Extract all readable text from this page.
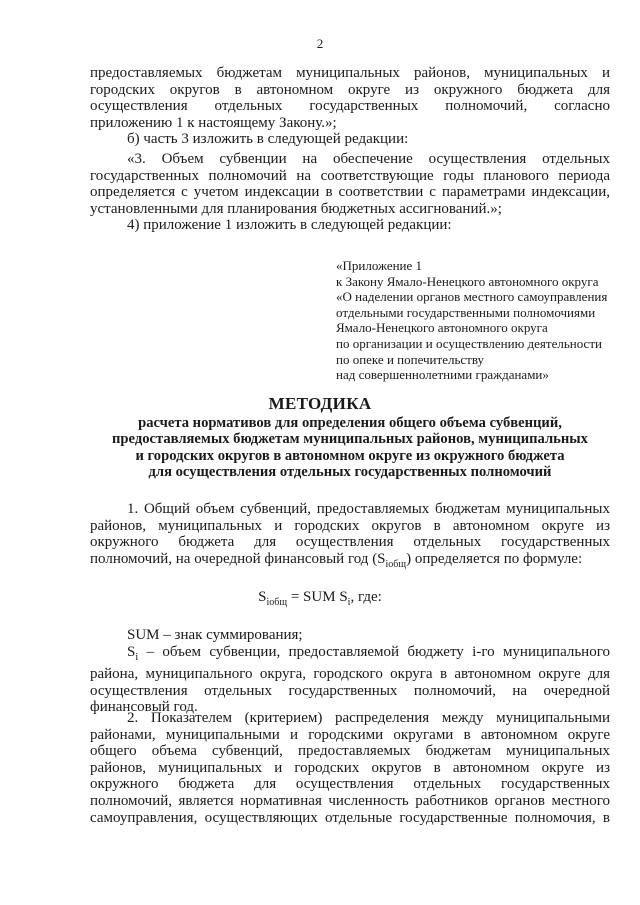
2
предоставляемых бюджетам муниципальных районов, муниципальных и
городских округов в автономном округе из окружного бюджета для
осуществления отдельных государственных полномочий, согласно
приложению 1 к настоящему Закону.»;
б) часть 3 изложить в следующей редакции:
«3. Объем субвенции на обеспечение осуществления отдельных
государственных полномочий на соответствующие годы планового периода
определяется с учетом индексации в соответствии с параметрами индексации,
установленными для планирования бюджетных ассигнований.»;
4) приложение 1 изложить в следующей редакции:
«Приложение 1
к Закону Ямало-Ненецкого автономного округа
«О наделении органов местного самоуправления
отдельными государственными полномочиями
Ямало-Ненецкого автономного округа
по организации и осуществлению деятельности
по опеке и попечительству
над совершеннолетними гражданами»
МЕТОДИКА
расчета нормативов для определения общего объема субвенций,
предоставляемых бюджетам муниципальных районов, муниципальных
и городских округов в автономном округе из окружного бюджета
для осуществления отдельных государственных полномочий
1. Общий объем субвенций, предоставляемых бюджетам муниципальных
районов, муниципальных и городских округов в автономном округе из
окружного бюджета для осуществления отдельных государственных
полномочий, на очередной финансовый год $(S_{iобщ})$ определяется по формуле:
$S_{iобщ}$ = SUM $S_i$, где:
SUM – знак суммирования;
$S_i$ – объем субвенции, предоставляемой бюджету i-го муниципального
района, муниципального округа, городского округа в автономном округе для
осуществления отдельных государственных полномочий, на очередной
финансовый год.
2. Показателем (критерием) распределения между муниципальными
районами, муниципальными и городскими округами в автономном округе
общего объема субвенций, предоставляемых бюджетам муниципальных
районов, муниципальных и городских округов в автономном округе из
окружного бюджета для осуществления отдельных государственных
полномочий, является нормативная численность работников органов местного
самоуправления, осуществляющих отдельные государственные полномочия, в
